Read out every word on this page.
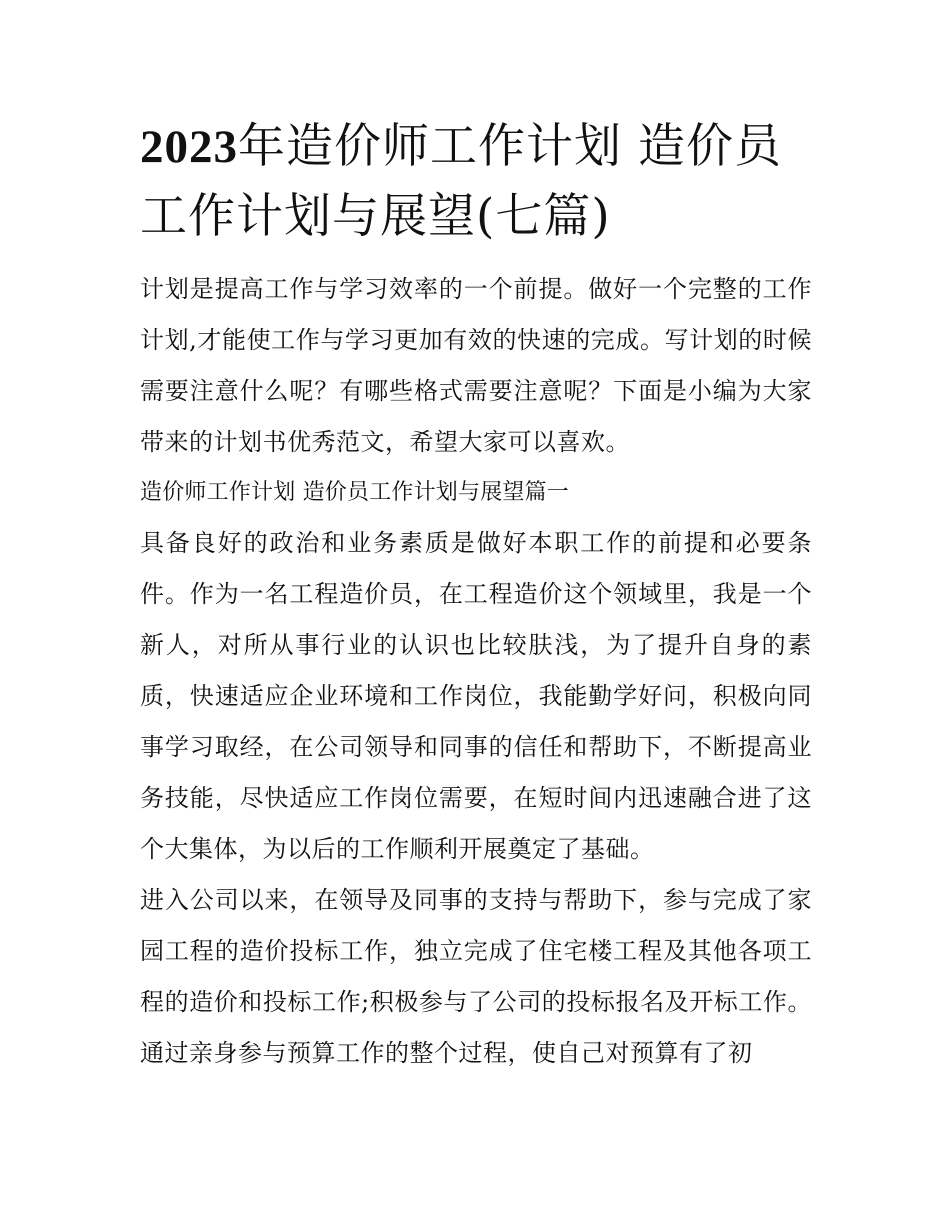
2023年造价师工作计划 造价员工作计划与展望(七篇)

计划是提高工作与学习效率的一个前提。做好一个完整的工作计划,才能使工作与学习更加有效的快速的完成。写计划的时候需要注意什么呢？有哪些格式需要注意呢？下面是小编为大家带来的计划书优秀范文，希望大家可以喜欢。

造价师工作计划 造价员工作计划与展望篇一

具备良好的政治和业务素质是做好本职工作的前提和必要条件。作为一名工程造价员，在工程造价这个领域里，我是一个新人，对所从事行业的认识也比较肤浅，为了提升自身的素质，快速适应企业环境和工作岗位，我能勤学好问，积极向同事学习取经，在公司领导和同事的信任和帮助下，不断提高业务技能，尽快适应工作岗位需要，在短时间内迅速融合进了这个大集体，为以后的工作顺利开展奠定了基础。

进入公司以来，在领导及同事的支持与帮助下，参与完成了家园工程的造价投标工作，独立完成了住宅楼工程及其他各项工程的造价和投标工作;积极参与了公司的投标报名及开标工作。通过亲身参与预算工作的整个过程，使自己对预算有了初
